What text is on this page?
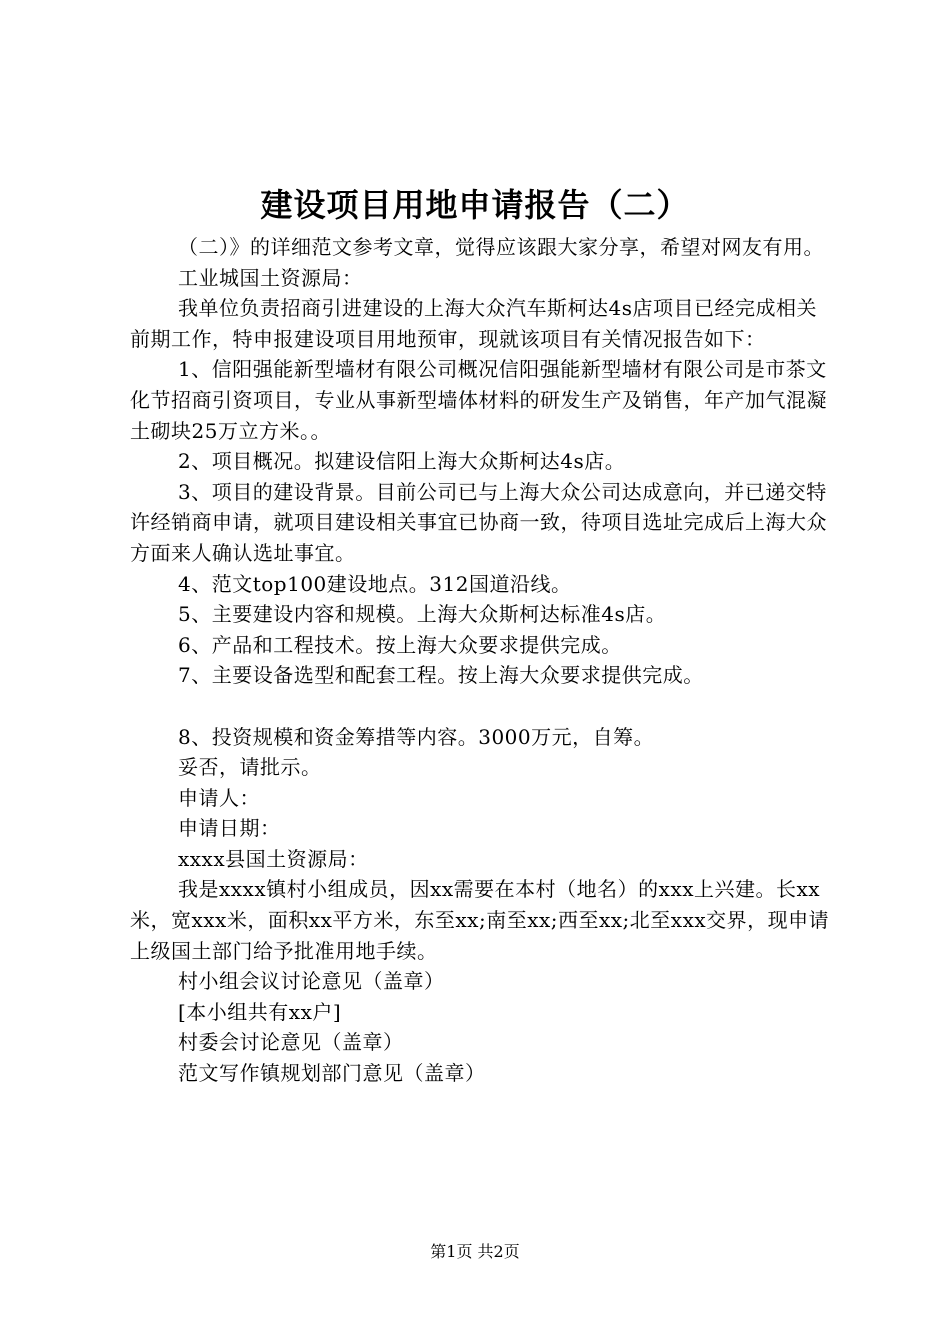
建设项目用地申请报告（二）

（二）》的详细范文参考文章，觉得应该跟大家分享，希望对网友有用。

工业城国土资源局：

我单位负责招商引进建设的上海大众汽车斯柯达4s店项目已经完成相关前期工作，特申报建设项目用地预审，现就该项目有关情况报告如下：

1、信阳强能新型墙材有限公司概况信阳强能新型墙材有限公司是市茶文化节招商引资项目，专业从事新型墙体材料的研发生产及销售，年产加气混凝土砌块25万立方米。。

2、项目概况。拟建设信阳上海大众斯柯达4s店。

3、项目的建设背景。目前公司已与上海大众公司达成意向，并已递交特许经销商申请，就项目建设相关事宜已协商一致，待项目选址完成后上海大众方面来人确认选址事宜。

4、范文top100建设地点。312国道沿线。

5、主要建设内容和规模。上海大众斯柯达标准4s店。

6、产品和工程技术。按上海大众要求提供完成。

7、主要设备选型和配套工程。按上海大众要求提供完成。

8、投资规模和资金筹措等内容。3000万元，自筹。

妥否，请批示。

申请人：

申请日期：

xxxx县国土资源局：

我是xxxx镇村小组成员，因xx需要在本村（地名）的xxx上兴建。长xx米，宽xxx米，面积xx平方米，东至xx;南至xx;西至xx;北至xxx交界，现申请上级国土部门给予批准用地手续。

村小组会议讨论意见（盖章）

[本小组共有xx户]

村委会讨论意见（盖章）

范文写作镇规划部门意见（盖章）

第1页 共2页
